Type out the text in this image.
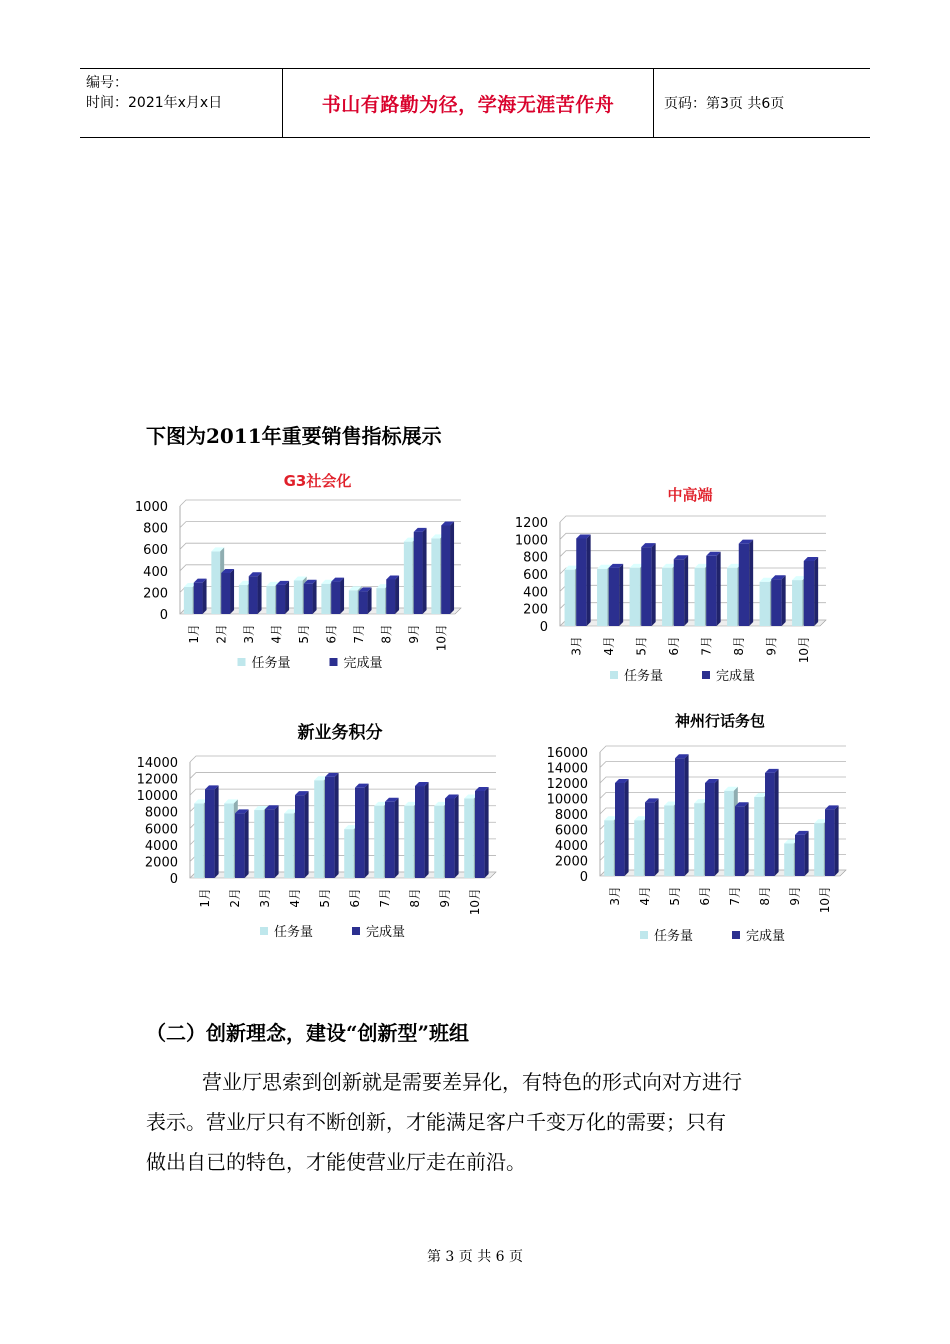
编号：
时间：2021年x月x日	书山有路勤为径，学海无涯苦作舟	页码：第3页 共6页
下图为2011年重要销售指标展示
G3社会化
0
200
400
600
800
1000
1月 2月 3月 4月 5月 6月 7月 8月 9月 10月
任务量	完成量
中高端
0
200
400
600
800
1000
1200
3月 4月 5月 6月 7月 8月 9月 10月
任务量	完成量
新业务积分
0
2000
4000
6000
8000
10000
12000
14000
1月 2月 3月 4月 5月 6月 7月 8月 9月 10月
任务量	完成量
神州行话务包
0
2000
4000
6000
8000
10000
12000
14000
16000
3月 4月 5月 6月 7月 8月 9月 10月
任务量	完成量
（二）创新理念，建设“创新型”班组
营业厅思索到创新就是需要差异化，有特色的形式向对方进行
表示。营业厅只有不断创新，才能满足客户千变万化的需要；只有
做出自已的特色，才能使营业厅走在前沿。
第 3 页 共 6 页
